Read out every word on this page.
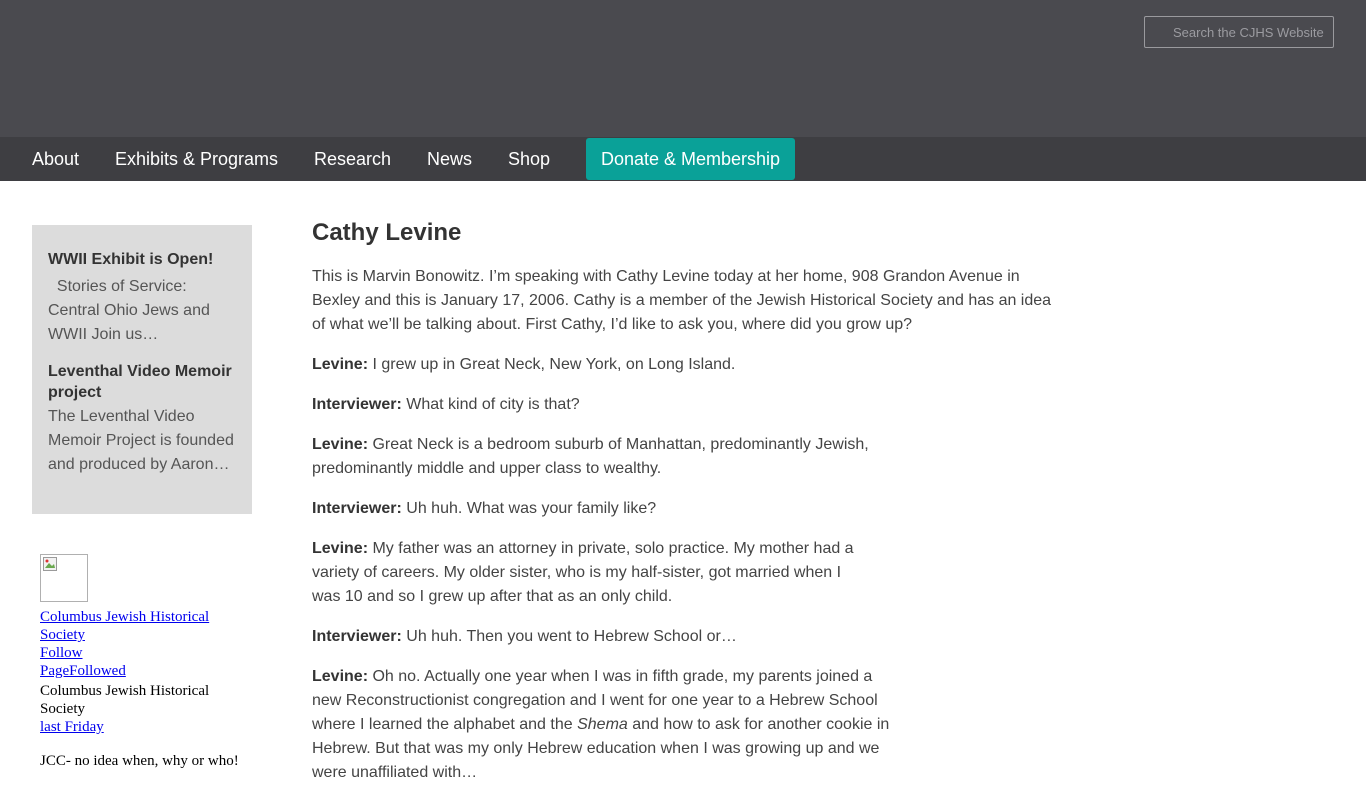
Search the CJHS Website
About Exhibits & Programs Research News Shop	Donate & Membership
WWII Exhibit is Open!
Stories of Service: Central Ohio Jews and WWII Join us…
Leventhal Video Memoir project
The Leventhal Video Memoir Project is founded and produced by Aaron…
Columbus Jewish Historical Society
Follow
PageFollowed
Columbus Jewish Historical Society
last Friday
JCC- no idea when, why or who!
Cathy Levine

This is Marvin Bonowitz. I’m speaking with Cathy Levine today at her home, 908 Grandon Avenue in Bexley and this is January 17, 2006. Cathy is a member of the Jewish Historical Society and has an idea of what we’ll be talking about. First Cathy, I’d like to ask you, where did you grow up?

Levine: I grew up in Great Neck, New York, on Long Island.

Interviewer: What kind of city is that?

Levine: Great Neck is a bedroom suburb of Manhattan, predominantly Jewish, predominantly middle and upper class to wealthy.

Interviewer: Uh huh. What was your family like?

Levine: My father was an attorney in private, solo practice. My mother had a variety of careers. My older sister, who is my half-sister, got married when I was 10 and so I grew up after that as an only child.

Interviewer: Uh huh. Then you went to Hebrew School or…

Levine: Oh no. Actually one year when I was in fifth grade, my parents joined a new Reconstructionist congregation and I went for one year to a Hebrew School where I learned the alphabet and the Shema and how to ask for another cookie in Hebrew. But that was my only Hebrew education when I was growing up and we were unaffiliated with…
